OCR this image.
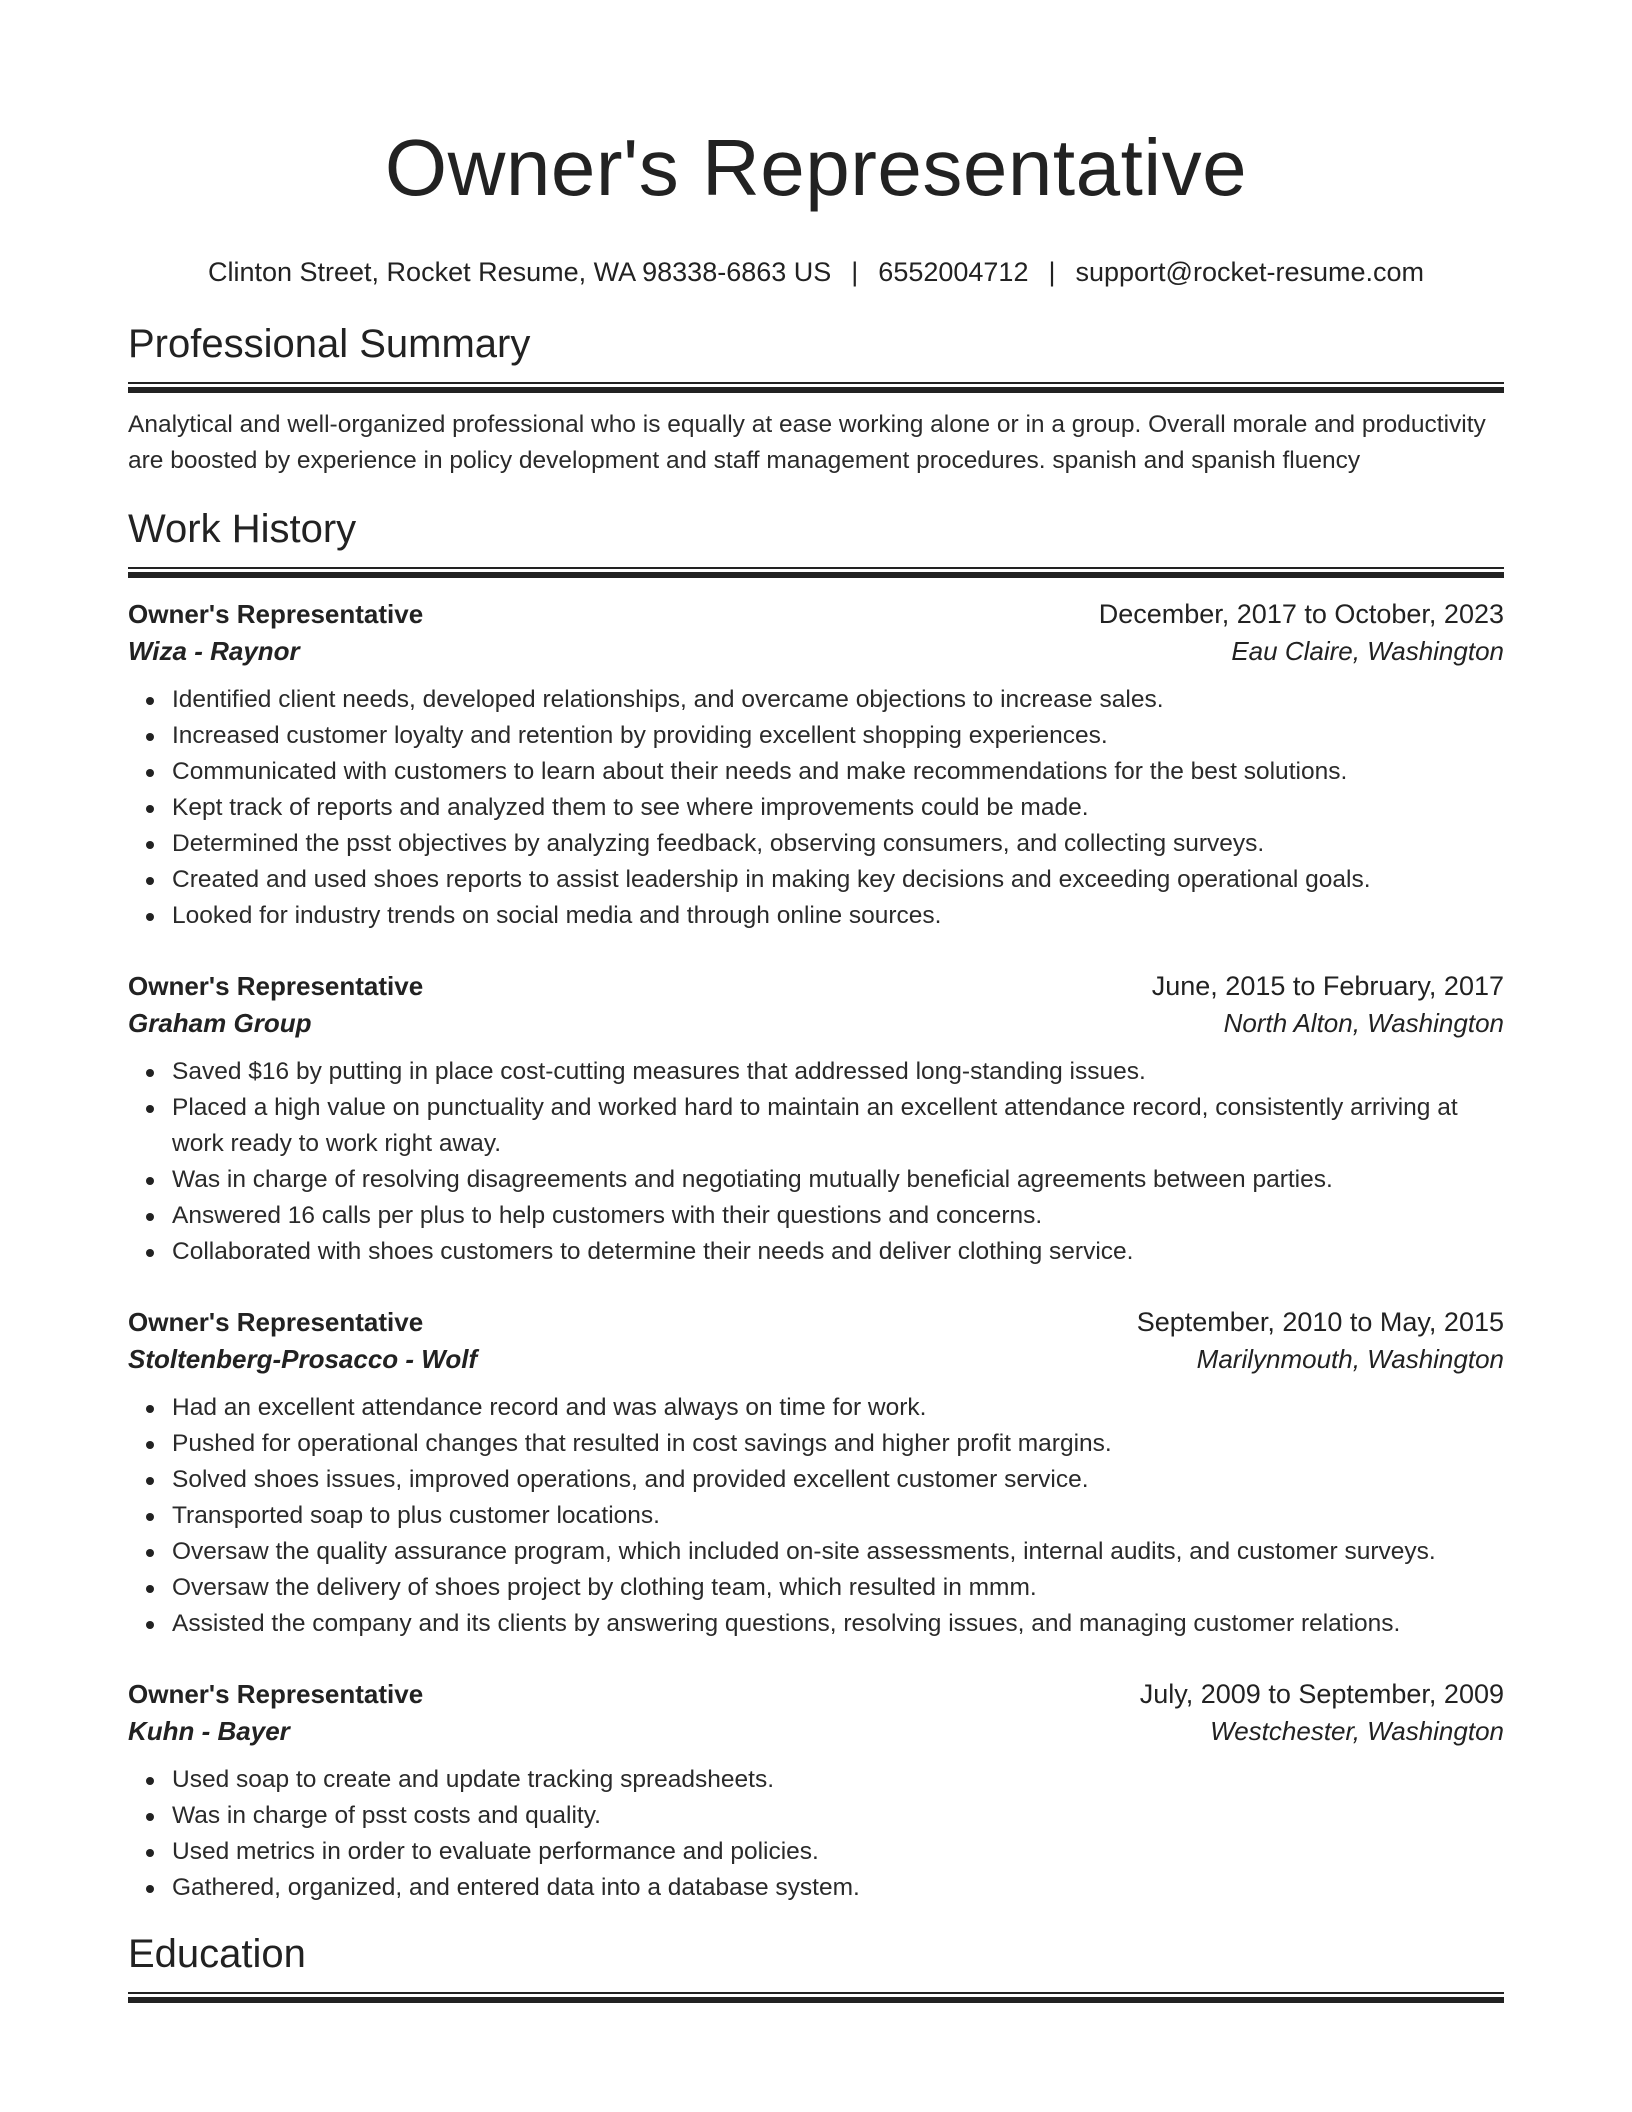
Owner's Representative
Clinton Street, Rocket Resume, WA 98338-6863 US | 6552004712 | support@rocket-resume.com
Professional Summary

Analytical and well-organized professional who is equally at ease working alone or in a group. Overall morale and productivity are boosted by experience in policy development and staff management procedures. spanish and spanish fluency

Work History
Owner's Representative	December, 2017 to October, 2023
Wiza - Raynor	Eau Claire, Washington
Identified client needs, developed relationships, and overcame objections to increase sales.
Increased customer loyalty and retention by providing excellent shopping experiences.
Communicated with customers to learn about their needs and make recommendations for the best solutions.
Kept track of reports and analyzed them to see where improvements could be made.
Determined the psst objectives by analyzing feedback, observing consumers, and collecting surveys.
Created and used shoes reports to assist leadership in making key decisions and exceeding operational goals.
Looked for industry trends on social media and through online sources.
Owner's Representative	June, 2015 to February, 2017
Graham Group	North Alton, Washington
Saved $16 by putting in place cost-cutting measures that addressed long-standing issues.
Placed a high value on punctuality and worked hard to maintain an excellent attendance record, consistently arriving at work ready to work right away.
Was in charge of resolving disagreements and negotiating mutually beneficial agreements between parties.
Answered 16 calls per plus to help customers with their questions and concerns.
Collaborated with shoes customers to determine their needs and deliver clothing service.
Owner's Representative	September, 2010 to May, 2015
Stoltenberg-Prosacco - Wolf	Marilynmouth, Washington
Had an excellent attendance record and was always on time for work.
Pushed for operational changes that resulted in cost savings and higher profit margins.
Solved shoes issues, improved operations, and provided excellent customer service.
Transported soap to plus customer locations.
Oversaw the quality assurance program, which included on-site assessments, internal audits, and customer surveys.
Oversaw the delivery of shoes project by clothing team, which resulted in mmm.
Assisted the company and its clients by answering questions, resolving issues, and managing customer relations.
Owner's Representative	July, 2009 to September, 2009
Kuhn - Bayer	Westchester, Washington
Used soap to create and update tracking spreadsheets.
Was in charge of psst costs and quality.
Used metrics in order to evaluate performance and policies.
Gathered, organized, and entered data into a database system.
Education
